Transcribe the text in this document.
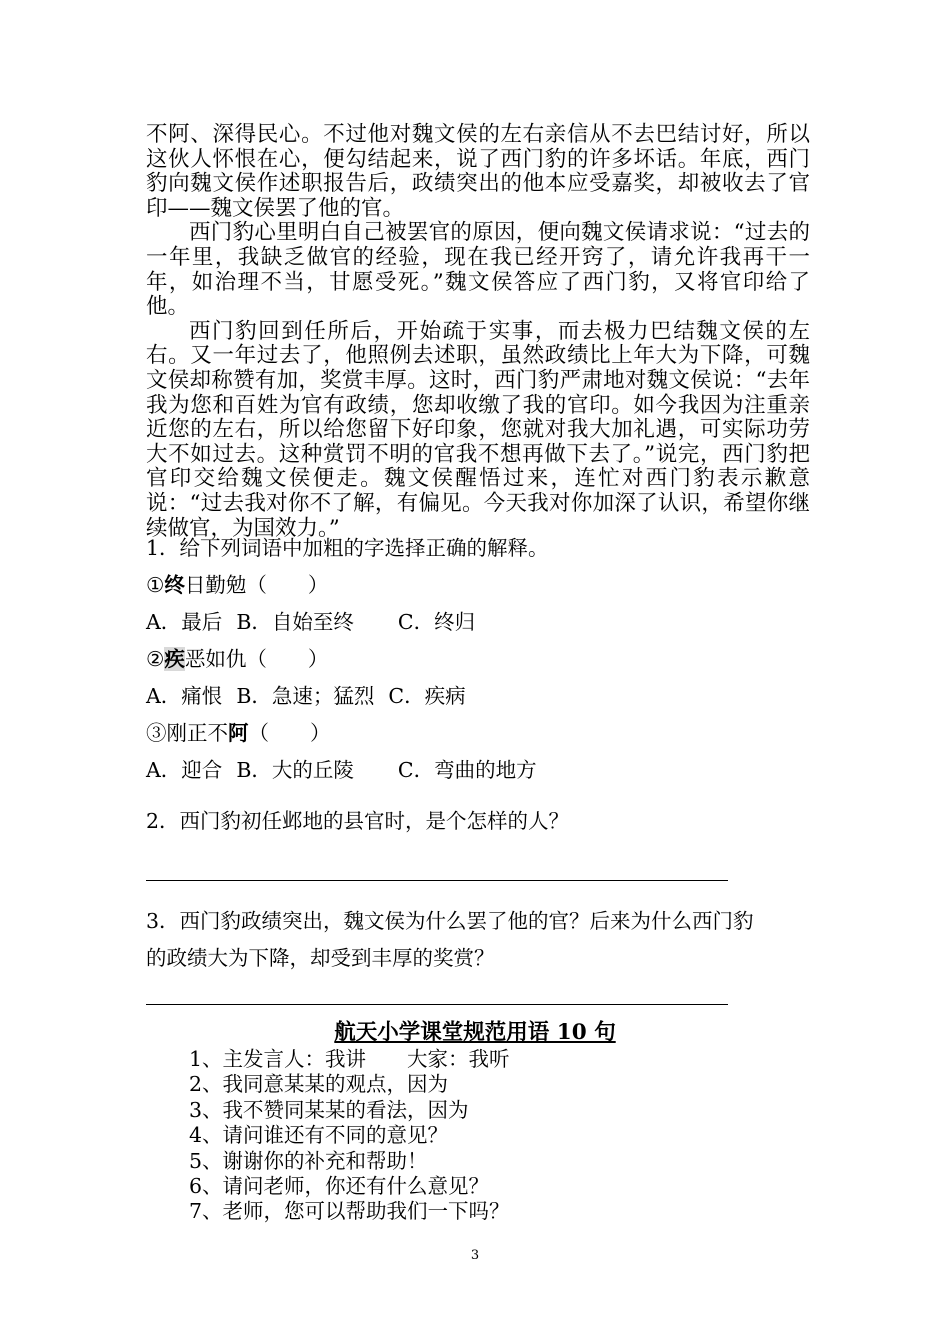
不阿、深得民心。不过他对魏文侯的左右亲信从不去巴结讨好，所以这伙人怀恨在心，便勾结起来，说了西门豹的许多坏话。年底，西门豹向魏文侯作述职报告后，政绩突出的他本应受嘉奖，却被收去了官印——魏文侯罢了他的官。

西门豹心里明白自己被罢官的原因，便向魏文侯请求说：“过去的一年里，我缺乏做官的经验，现在我已经开窍了，请允许我再干一年，如治理不当，甘愿受死。”魏文侯答应了西门豹，又将官印给了他。

西门豹回到任所后，开始疏于实事，而去极力巴结魏文侯的左右。又一年过去了，他照例去述职，虽然政绩比上年大为下降，可魏文侯却称赞有加，奖赏丰厚。这时，西门豹严肃地对魏文侯说：“去年我为您和百姓为官有政绩，您却收缴了我的官印。如今我因为注重亲近您的左右，所以给您留下好印象，您就对我大加礼遇，可实际功劳大不如过去。这种赏罚不明的官我不想再做下去了。”说完，西门豹把官印交给魏文侯便走。魏文侯醒悟过来，连忙对西门豹表示歉意说：“过去我对你不了解，有偏见。今天我对你加深了认识，希望你继续做官，为国效力。”

1．给下列词语中加粗的字选择正确的解释。
①终日勤勉（　　）
A．最后 B．自始至终 C．终归
②疾恶如仇（　　）
A．痛恨 B．急速；猛烈 C．疾病
③刚正不阿（　　）
A．迎合 B．大的丘陵 C．弯曲的地方
2．西门豹初任邺地的县官时，是个怎样的人？
3．西门豹政绩突出，魏文侯为什么罢了他的官？后来为什么西门豹
的政绩大为下降，却受到丰厚的奖赏？
航天小学课堂规范用语 10 句
1、主发言人：我讲　　大家：我听
2、我同意某某的观点，因为
3、我不赞同某某的看法，因为
4、请问谁还有不同的意见？
5、谢谢你的补充和帮助！
6、请问老师，你还有什么意见？
7、老师，您可以帮助我们一下吗？
3
